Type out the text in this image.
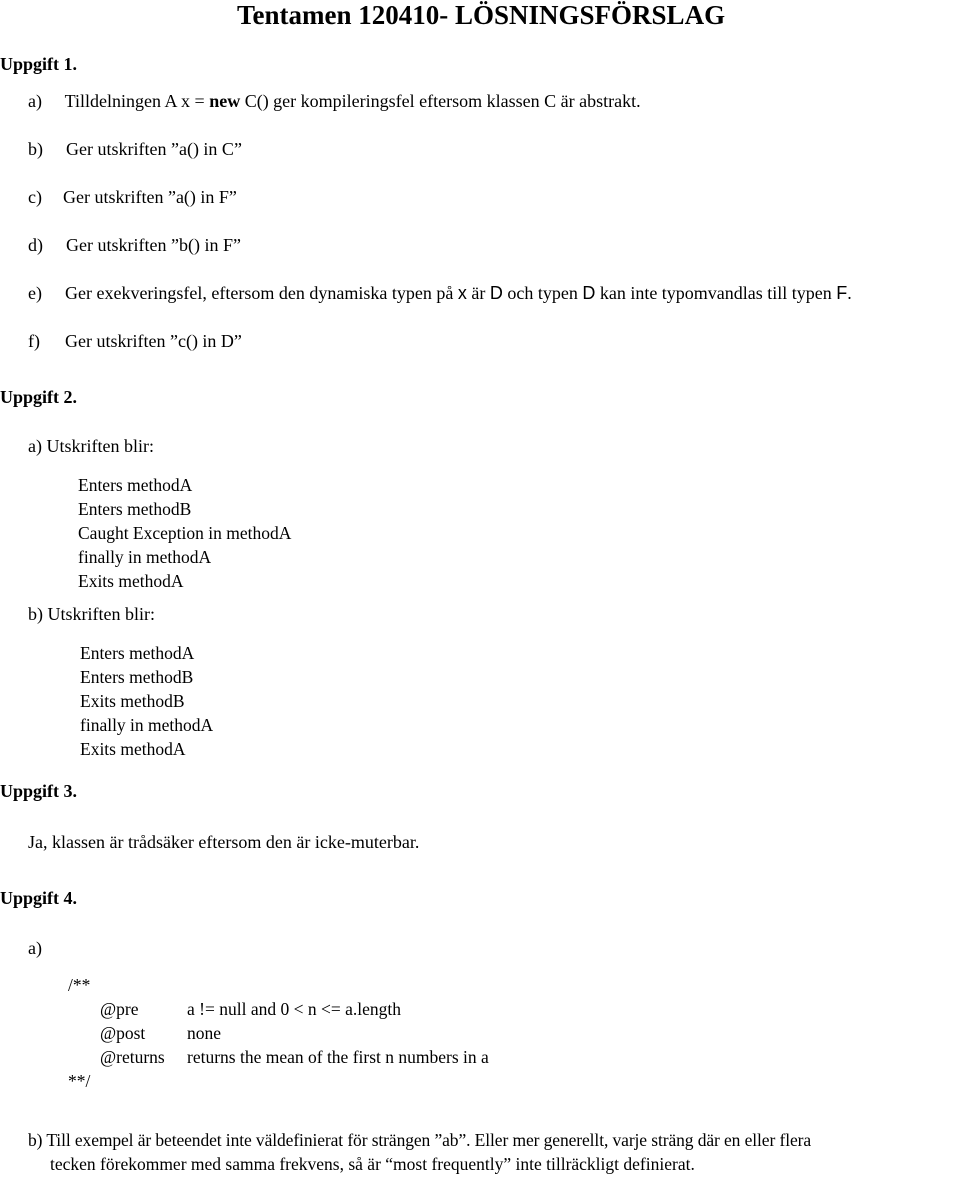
Tentamen 120410- LÖSNINGSFÖRSLAG
Uppgift 1.
a) Tilldelningen A x = new C() ger kompileringsfel eftersom klassen C är abstrakt.
b) Ger utskriften ”a() in C”
c) Ger utskriften ”a() in F”
d) Ger utskriften ”b() in F”
e) Ger exekveringsfel, eftersom den dynamiska typen på x är D och typen D kan inte typomvandlas till typen F.
f) Ger utskriften ”c() in D”
Uppgift 2.
a) Utskriften blir:
Enters methodA
Enters methodB
Caught Exception in methodA
finally in methodA
Exits methodA
b) Utskriften blir:
Enters methodA
Enters methodB
Exits methodB
finally in methodA
Exits methodA
Uppgift 3.
Ja, klassen är trådsäker eftersom den är icke-muterbar.
Uppgift 4.
a)
/**
@pre	a != null and 0 < n <= a.length
@post none
@returns returns the mean of the first n numbers in a
**/
b) Till exempel är beteendet inte väldefinierat för strängen ”ab”. Eller mer generellt, varje sträng där en eller flera
tecken förekommer med samma frekvens, så är “most frequently” inte tillräckligt definierat.
